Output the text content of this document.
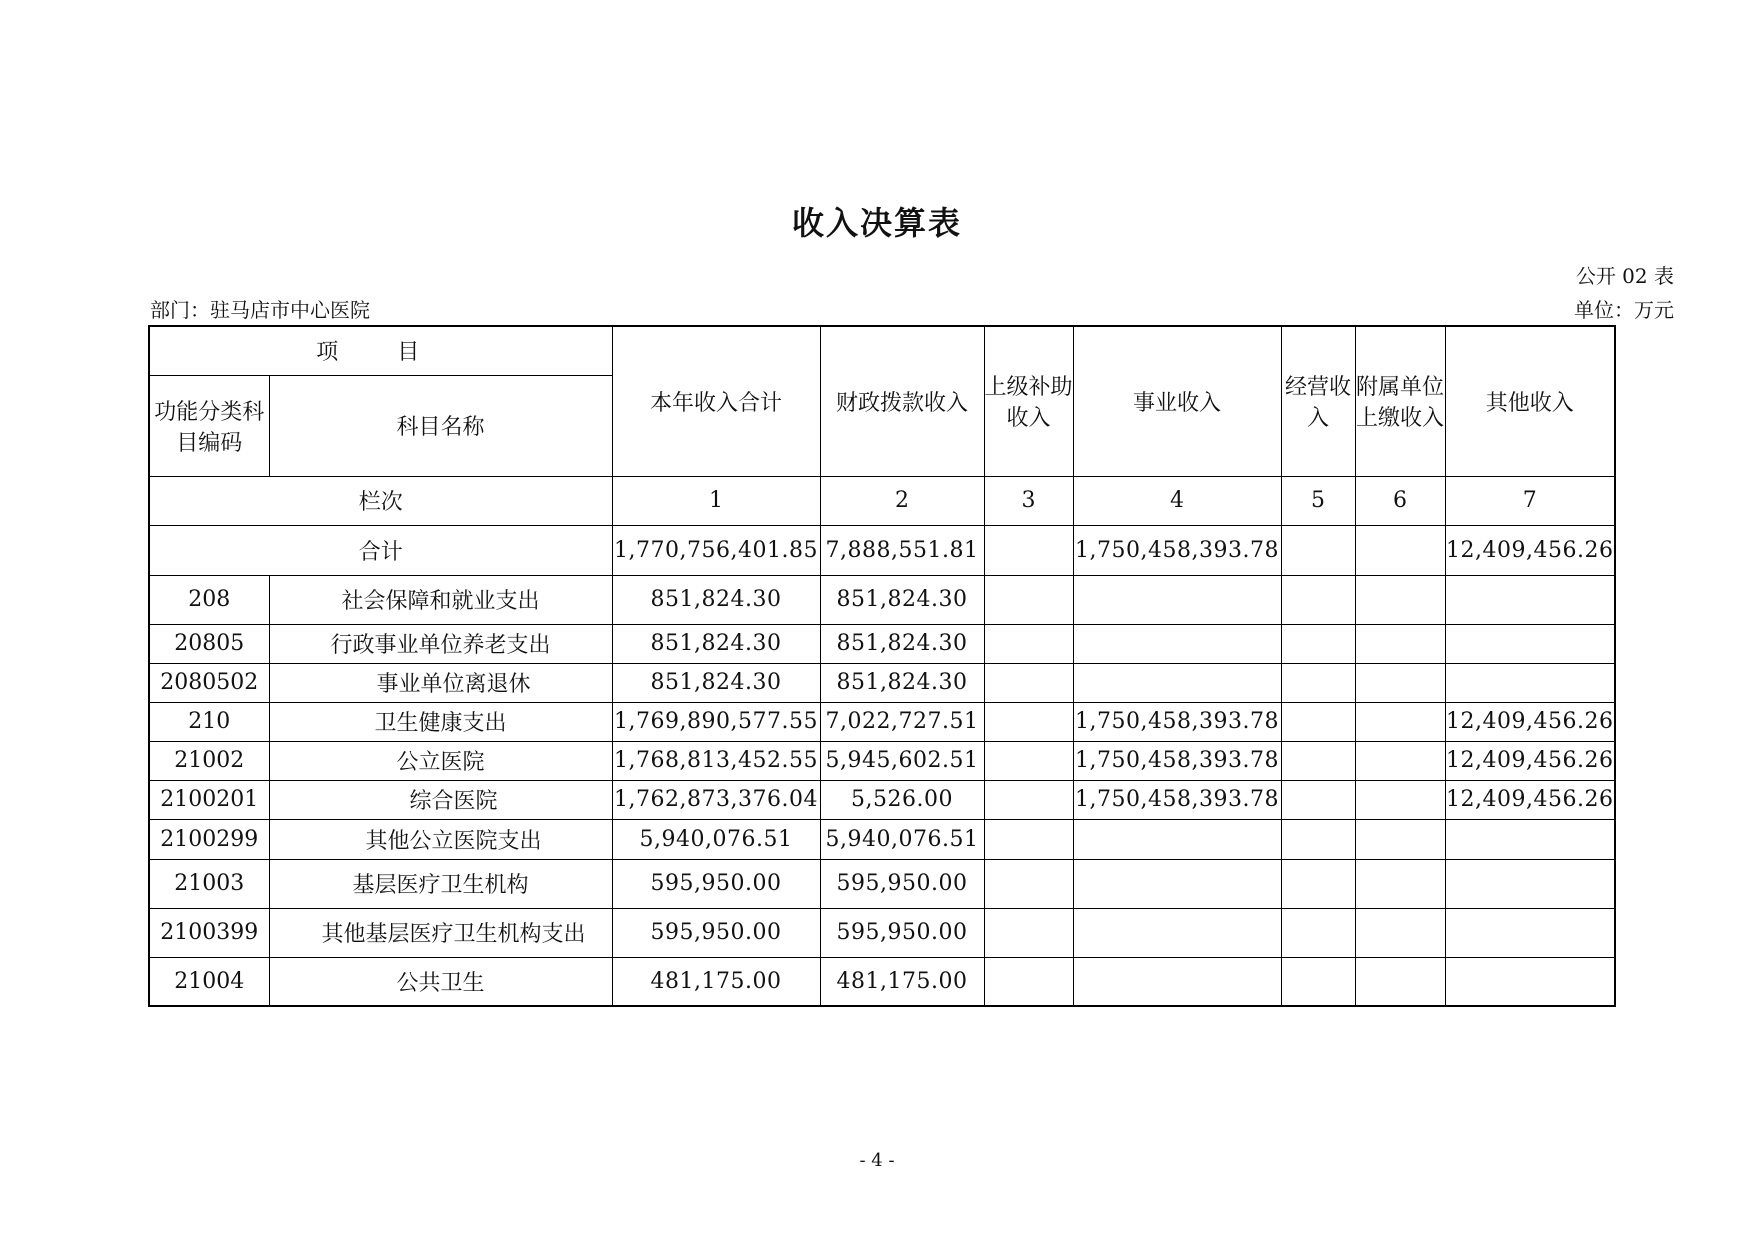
收入决算表
公开 02 表
部门：驻马店市中心医院	单位：万元
项 目		本年收入合计	财政拨款收入	上级补助收入	事业收入	经营收入	附属单位上缴收入	其他收入
功能分类科目编码	科目名称							
栏次		1	2	3	4	5	6	7
合计		1,770,756,401.85	7,888,551.81		1,750,458,393.78			12,409,456.26
208	社会保障和就业支出	851,824.30	851,824.30					
20805	行政事业单位养老支出	851,824.30	851,824.30					
2080502	事业单位离退休	851,824.30	851,824.30					
210	卫生健康支出	1,769,890,577.55	7,022,727.51		1,750,458,393.78			12,409,456.26
21002	公立医院	1,768,813,452.55	5,945,602.51		1,750,458,393.78			12,409,456.26
2100201	综合医院	1,762,873,376.04	5,526.00		1,750,458,393.78			12,409,456.26
2100299	其他公立医院支出	5,940,076.51	5,940,076.51					
21003	基层医疗卫生机构	595,950.00	595,950.00					
2100399	其他基层医疗卫生机构支出	595,950.00	595,950.00					
21004	公共卫生	481,175.00	481,175.00					
- 4 -
